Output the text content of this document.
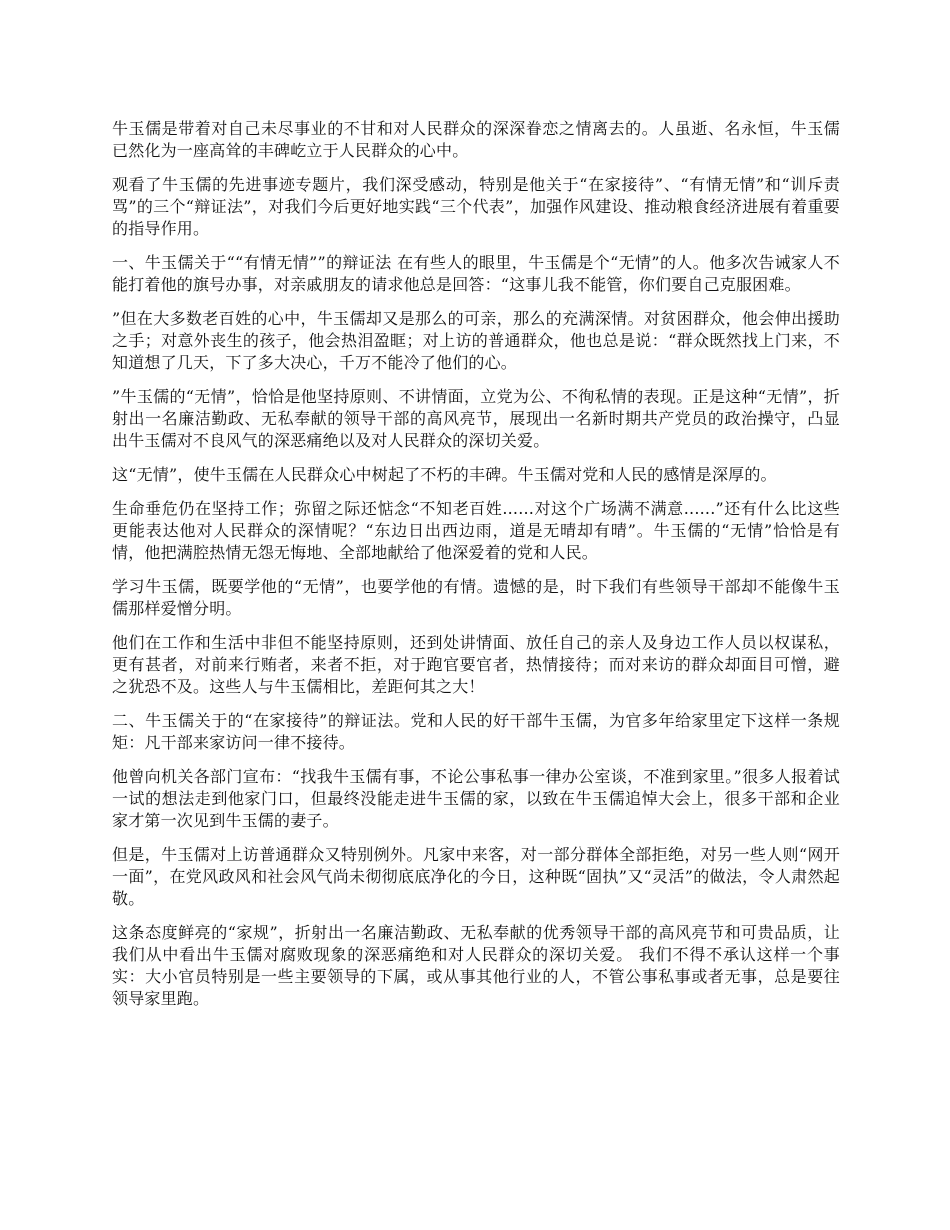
牛玉儒是带着对自己未尽事业的不甘和对人民群众的深深眷恋之情离去的。人虽逝、名永恒，牛玉儒已然化为一座高耸的丰碑屹立于人民群众的心中。

观看了牛玉儒的先进事迹专题片，我们深受感动，特别是他关于“在家接待”、“有情无情”和“训斥责骂”的三个“辩证法”，对我们今后更好地实践“三个代表”，加强作风建设、推动粮食经济进展有着重要的指导作用。

一、牛玉儒关于““有情无情””的辩证法 在有些人的眼里，牛玉儒是个“无情”的人。他多次告诫家人不能打着他的旗号办事，对亲戚朋友的请求他总是回答：“这事儿我不能管，你们要自己克服困难。

”但在大多数老百姓的心中，牛玉儒却又是那么的可亲，那么的充满深情。对贫困群众，他会伸出援助之手；对意外丧生的孩子，他会热泪盈眶；对上访的普通群众，他也总是说：“群众既然找上门来，不知道想了几天，下了多大决心，千万不能冷了他们的心。

”牛玉儒的“无情”，恰恰是他坚持原则、不讲情面，立党为公、不徇私情的表现。正是这种“无情”，折射出一名廉洁勤政、无私奉献的领导干部的高风亮节，展现出一名新时期共产党员的政治操守，凸显出牛玉儒对不良风气的深恶痛绝以及对人民群众的深切关爱。

这“无情”，使牛玉儒在人民群众心中树起了不朽的丰碑。牛玉儒对党和人民的感情是深厚的。

生命垂危仍在坚持工作；弥留之际还惦念“不知老百姓......对这个广场满不满意......”还有什么比这些更能表达他对人民群众的深情呢？“东边日出西边雨，道是无晴却有晴”。牛玉儒的“无情”恰恰是有情，他把满腔热情无怨无悔地、全部地献给了他深爱着的党和人民。

学习牛玉儒，既要学他的“无情”，也要学他的有情。遗憾的是，时下我们有些领导干部却不能像牛玉儒那样爱憎分明。

他们在工作和生活中非但不能坚持原则，还到处讲情面、放任自己的亲人及身边工作人员以权谋私，更有甚者，对前来行贿者，来者不拒，对于跑官要官者，热情接待；而对来访的群众却面目可憎，避之犹恐不及。这些人与牛玉儒相比，差距何其之大！

二、牛玉儒关于的“在家接待”的辩证法。党和人民的好干部牛玉儒，为官多年给家里定下这样一条规矩：凡干部来家访问一律不接待。

他曾向机关各部门宣布：“找我牛玉儒有事，不论公事私事一律办公室谈，不准到家里。”很多人报着试一试的想法走到他家门口，但最终没能走进牛玉儒的家，以致在牛玉儒追悼大会上，很多干部和企业家才第一次见到牛玉儒的妻子。

但是，牛玉儒对上访普通群众又特别例外。凡家中来客，对一部分群体全部拒绝，对另一些人则“网开一面”，在党风政风和社会风气尚未彻彻底底净化的今日，这种既“固执”又“灵活”的做法，令人肃然起敬。

这条态度鲜亮的“家规”，折射出一名廉洁勤政、无私奉献的优秀领导干部的高风亮节和可贵品质，让我们从中看出牛玉儒对腐败现象的深恶痛绝和对人民群众的深切关爱。 我们不得不承认这样一个事实：大小官员特别是一些主要领导的下属，或从事其他行业的人，不管公事私事或者无事，总是要往领导家里跑。
